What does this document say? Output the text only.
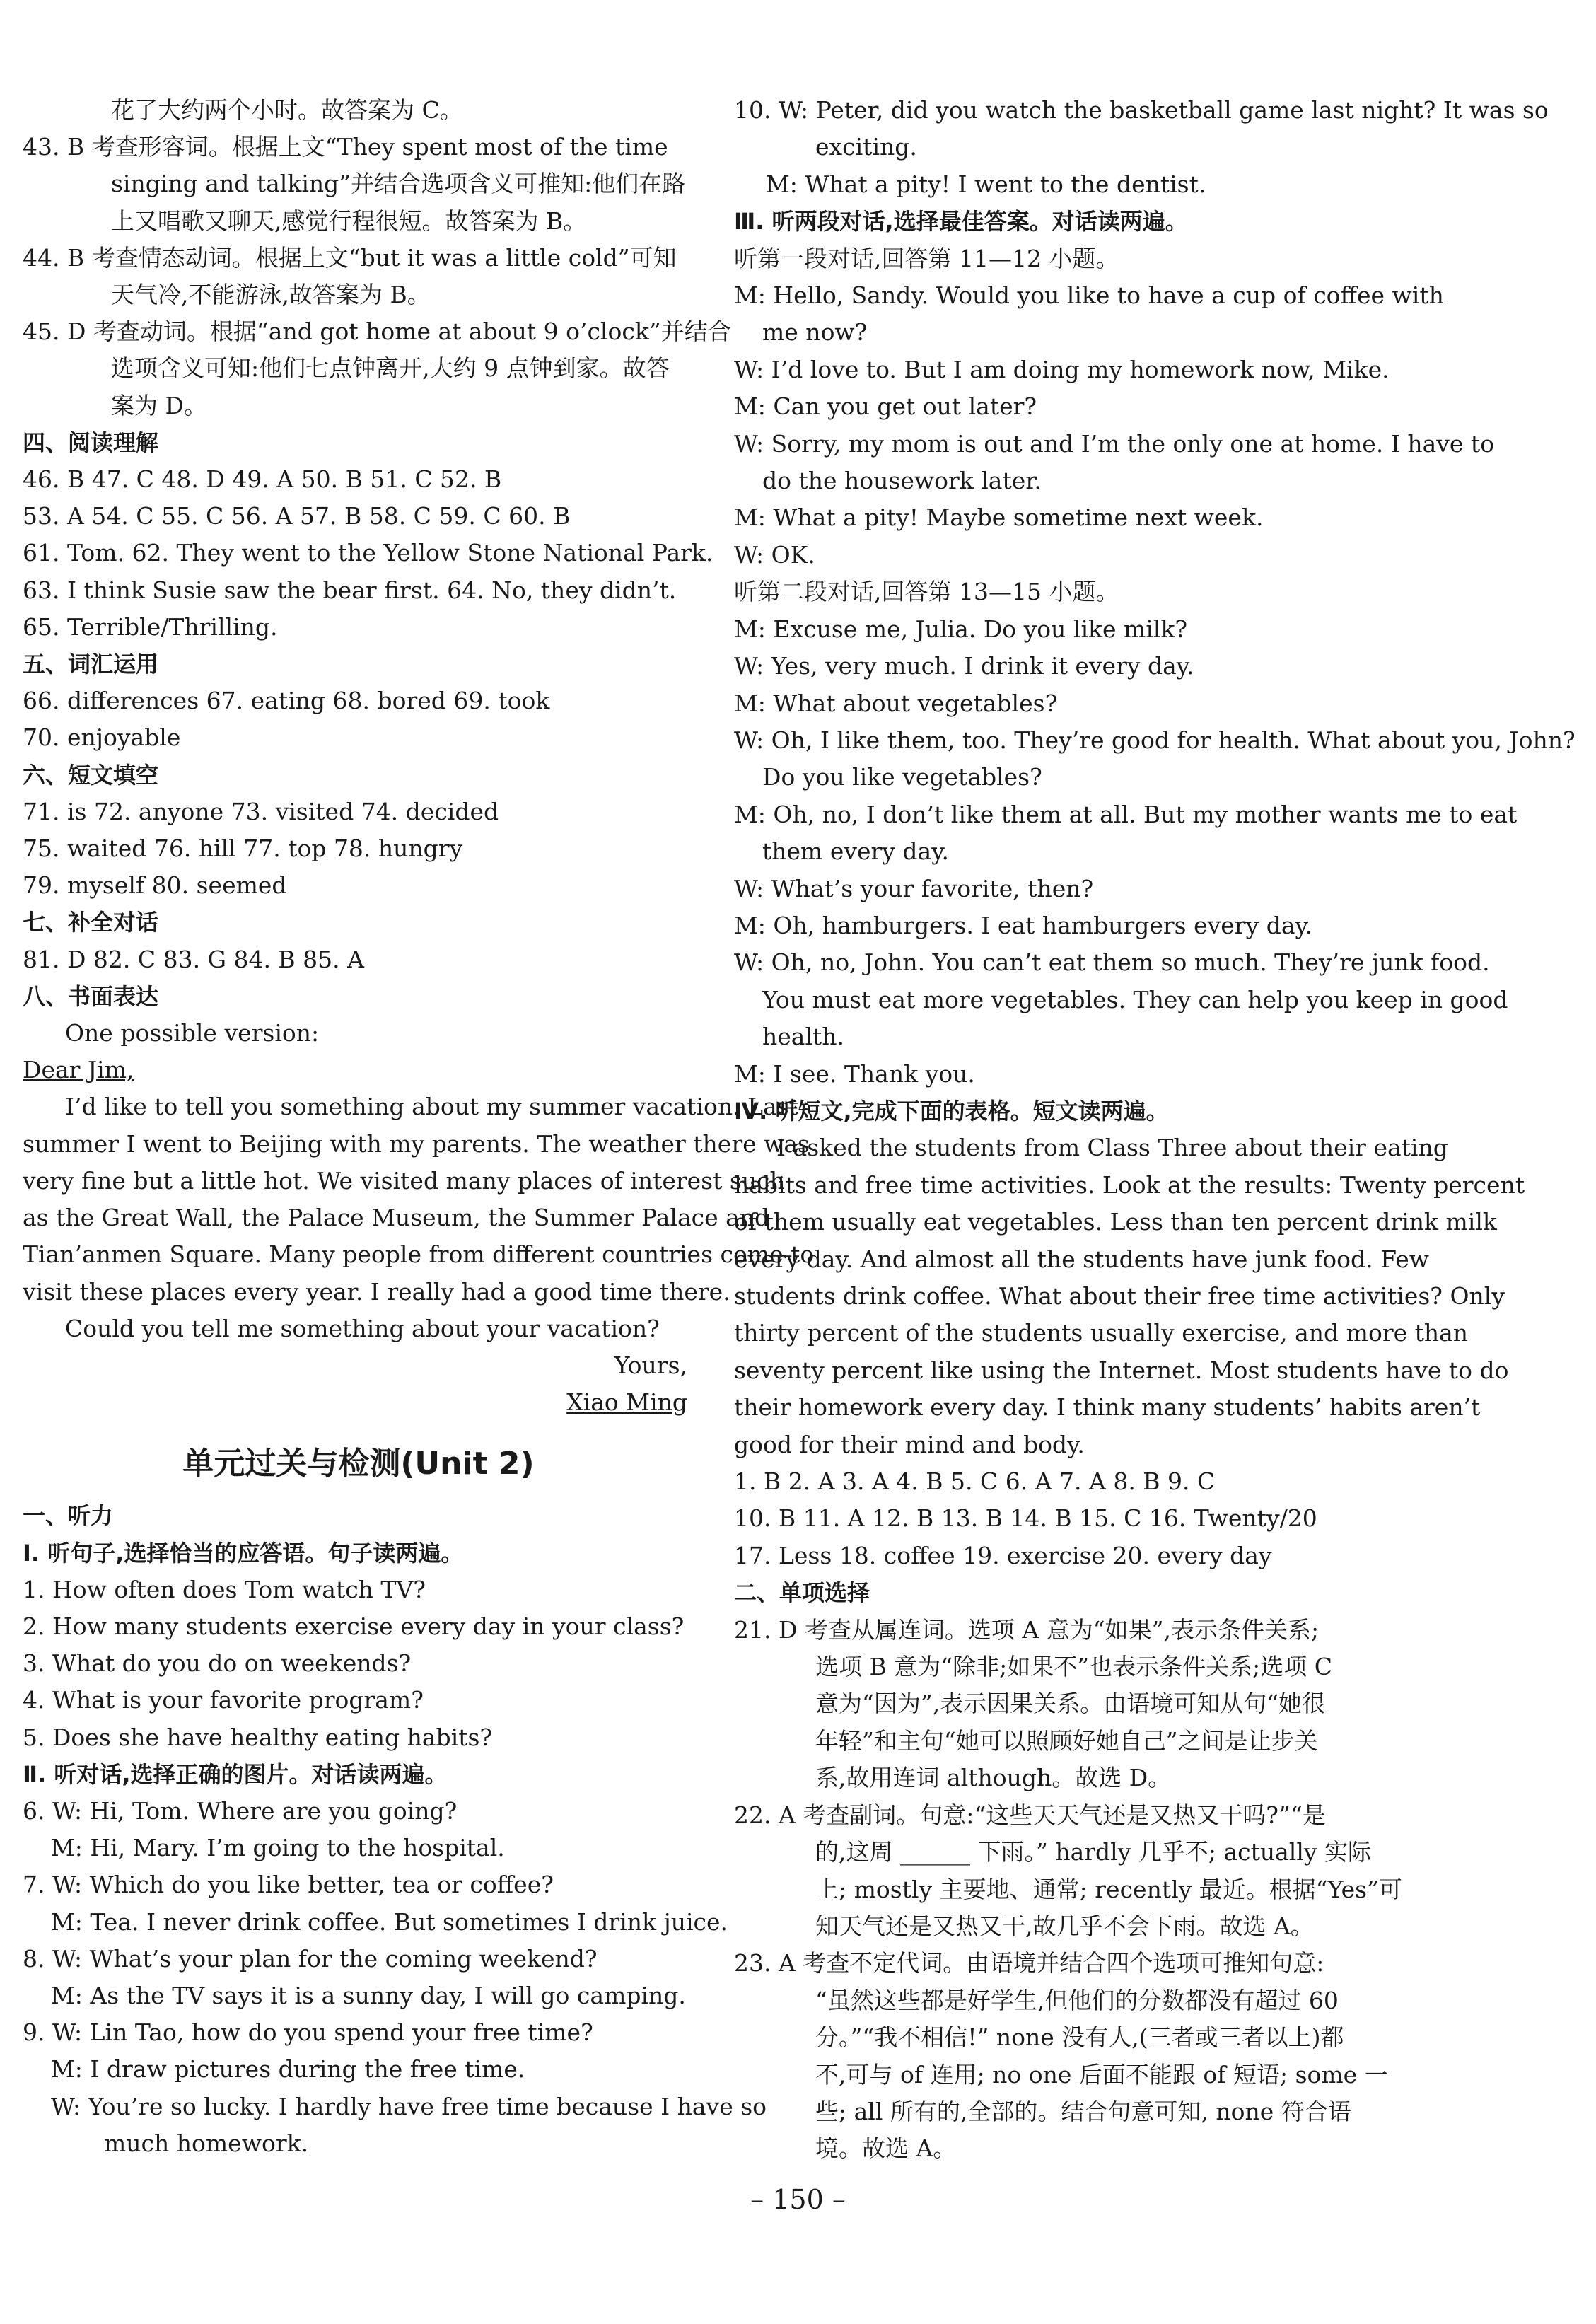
花了大约两个小时。故答案为 C。
43. B 考查形容词。根据上文“They spent most of the time
singing and talking”并结合选项含义可推知:他们在路
上又唱歌又聊天,感觉行程很短。故答案为 B。
44. B 考查情态动词。根据上文“but it was a little cold”可知
天气冷,不能游泳,故答案为 B。
45. D 考查动词。根据“and got home at about 9 o’clock”并结合
选项含义可知:他们七点钟离开,大约 9 点钟到家。故答
案为 D。
四、阅读理解
46. B 47. C 48. D 49. A 50. B 51. C 52. B
53. A 54. C 55. C 56. A 57. B 58. C 59. C 60. B
61. Tom. 62. They went to the Yellow Stone National Park.
63. I think Susie saw the bear first. 64. No, they didn’t.
65. Terrible/Thrilling.
五、词汇运用
66. differences 67. eating 68. bored 69. took
70. enjoyable
六、短文填空
71. is 72. anyone 73. visited 74. decided
75. waited 76. hill 77. top 78. hungry
79. myself 80. seemed
七、补全对话
81. D 82. C 83. G 84. B 85. A
八、书面表达
One possible version:
Dear Jim,
I’d like to tell you something about my summer vacation. Last
summer I went to Beijing with my parents. The weather there was
very fine but a little hot. We visited many places of interest such
as the Great Wall, the Palace Museum, the Summer Palace and
Tian’anmen Square. Many people from different countries come to
visit these places every year. I really had a good time there.
Could you tell me something about your vacation?
Yours,
Xiao Ming
单元过关与检测(Unit 2)
一、听力
Ⅰ. 听句子,选择恰当的应答语。句子读两遍。
1. How often does Tom watch TV?
2. How many students exercise every day in your class?
3. What do you do on weekends?
4. What is your favorite program?
5. Does she have healthy eating habits?
Ⅱ. 听对话,选择正确的图片。对话读两遍。
6. W: Hi, Tom. Where are you going?
M: Hi, Mary. I’m going to the hospital.
7. W: Which do you like better, tea or coffee?
M: Tea. I never drink coffee. But sometimes I drink juice.
8. W: What’s your plan for the coming weekend?
M: As the TV says it is a sunny day, I will go camping.
9. W: Lin Tao, how do you spend your free time?
M: I draw pictures during the free time.
W: You’re so lucky. I hardly have free time because I have so
much homework.
10. W: Peter, did you watch the basketball game last night? It was so
exciting.
M: What a pity! I went to the dentist.
Ⅲ. 听两段对话,选择最佳答案。对话读两遍。
听第一段对话,回答第 11—12 小题。
M: Hello, Sandy. Would you like to have a cup of coffee with
me now?
W: I’d love to. But I am doing my homework now, Mike.
M: Can you get out later?
W: Sorry, my mom is out and I’m the only one at home. I have to
do the housework later.
M: What a pity! Maybe sometime next week.
W: OK.
听第二段对话,回答第 13—15 小题。
M: Excuse me, Julia. Do you like milk?
W: Yes, very much. I drink it every day.
M: What about vegetables?
W: Oh, I like them, too. They’re good for health. What about you, John?
Do you like vegetables?
M: Oh, no, I don’t like them at all. But my mother wants me to eat
them every day.
W: What’s your favorite, then?
M: Oh, hamburgers. I eat hamburgers every day.
W: Oh, no, John. You can’t eat them so much. They’re junk food.
You must eat more vegetables. They can help you keep in good
health.
M: I see. Thank you.
Ⅳ. 听短文,完成下面的表格。短文读两遍。
I asked the students from Class Three about their eating
habits and free time activities. Look at the results: Twenty percent
of them usually eat vegetables. Less than ten percent drink milk
every day. And almost all the students have junk food. Few
students drink coffee. What about their free time activities? Only
thirty percent of the students usually exercise, and more than
seventy percent like using the Internet. Most students have to do
their homework every day. I think many students’ habits aren’t
good for their mind and body.
1. B 2. A 3. A 4. B 5. C 6. A 7. A 8. B 9. C
10. B 11. A 12. B 13. B 14. B 15. C 16. Twenty/20
17. Less 18. coffee 19. exercise 20. every day
二、单项选择
21. D 考查从属连词。选项 A 意为“如果”,表示条件关系;
选项 B 意为“除非;如果不”也表示条件关系;选项 C
意为“因为”,表示因果关系。由语境可知从句“她很
年轻”和主句“她可以照顾好她自己”之间是让步关
系,故用连词 although。故选 D。
22. A 考查副词。句意:“这些天天气还是又热又干吗?”“是
的,这周 ______ 下雨。” hardly 几乎不; actually 实际
上; mostly 主要地、通常; recently 最近。根据“Yes”可
知天气还是又热又干,故几乎不会下雨。故选 A。
23. A 考查不定代词。由语境并结合四个选项可推知句意:
“虽然这些都是好学生,但他们的分数都没有超过 60
分。”“我不相信!” none 没有人,(三者或三者以上)都
不,可与 of 连用; no one 后面不能跟 of 短语; some 一
些; all 所有的,全部的。结合句意可知, none 符合语
境。故选 A。
– 150 –
